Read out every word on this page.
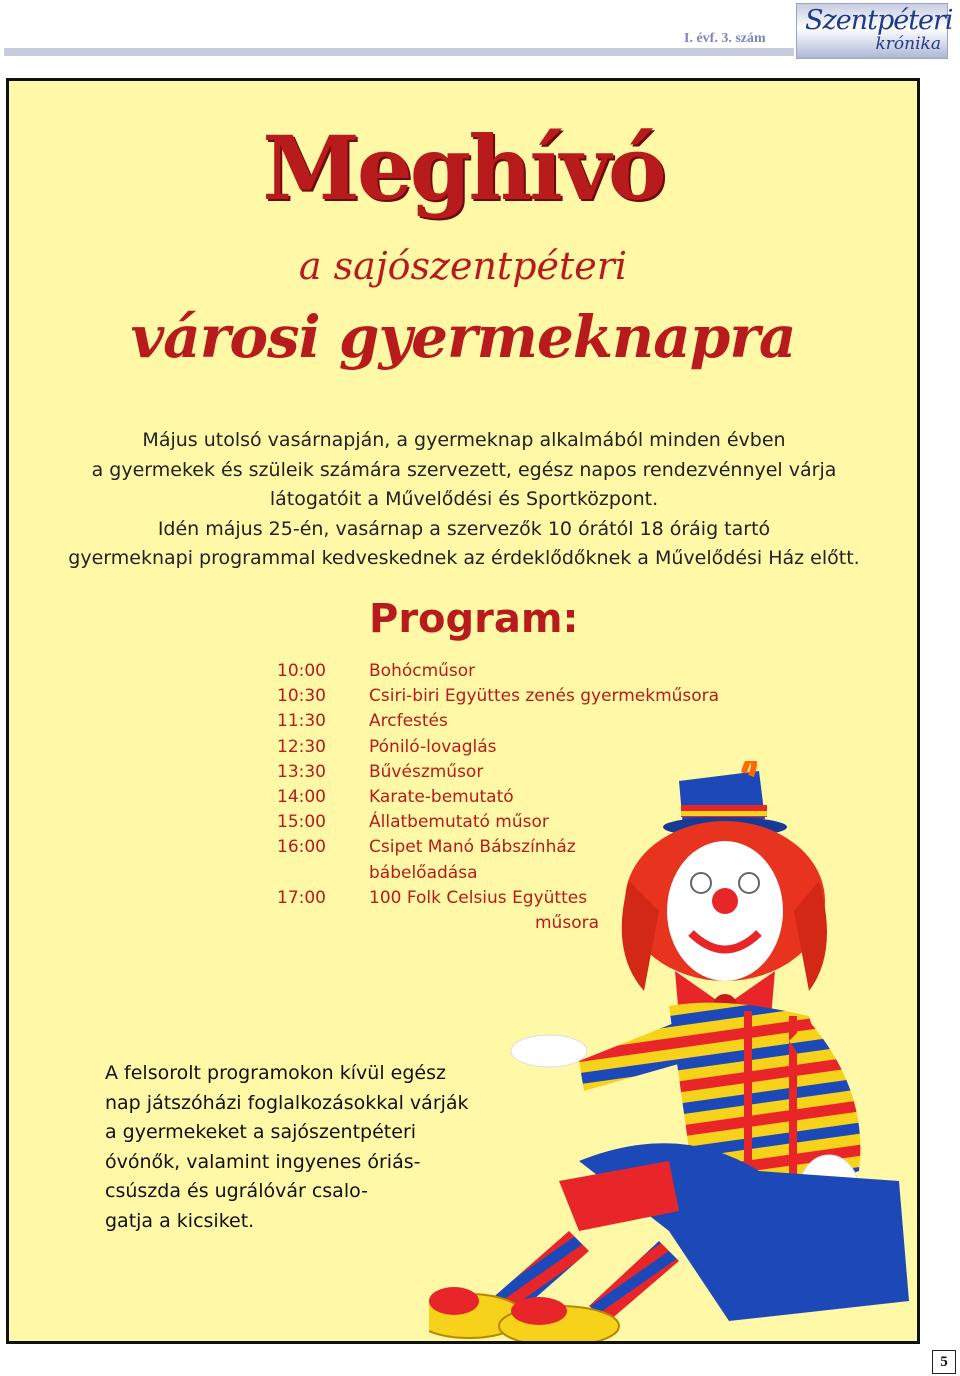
I. évf. 3. szám
Szentpéteri
krónika
Meghívó
a sajószentpéteri
városi gyermeknapra
Május utolsó vasárnapján, a gyermeknap alkalmából minden évben
a gyermekek és szüleik számára szervezett, egész napos rendezvénnyel várja
látogatóit a Művelődési és Sportközpont.
Idén május 25-én, vasárnap a szervezők 10 órától 18 óráig tartó
gyermeknapi programmal kedveskednek az érdeklődőknek a Művelődési Ház előtt.
Program:
10:00	Bohócműsor
10:30	Csiri-biri Együttes zenés gyermekműsora
11:30	Arcfestés
12:30	Póniló-lovaglás
13:30	Bűvészműsor
14:00	Karate-bemutató
15:00	Állatbemutató műsor
16:00	Csipet Manó Bábszínház
bábelőadása
17:00	100 Folk Celsius Együttes
műsora
A felsorolt programokon kívül egész
nap játszóházi foglalkozásokkal várják
a gyermekeket a sajószentpéteri
óvónők, valamint ingyenes óriás-
csúszda és ugrálóvár csalo-
gatja a kicsiket.
5
